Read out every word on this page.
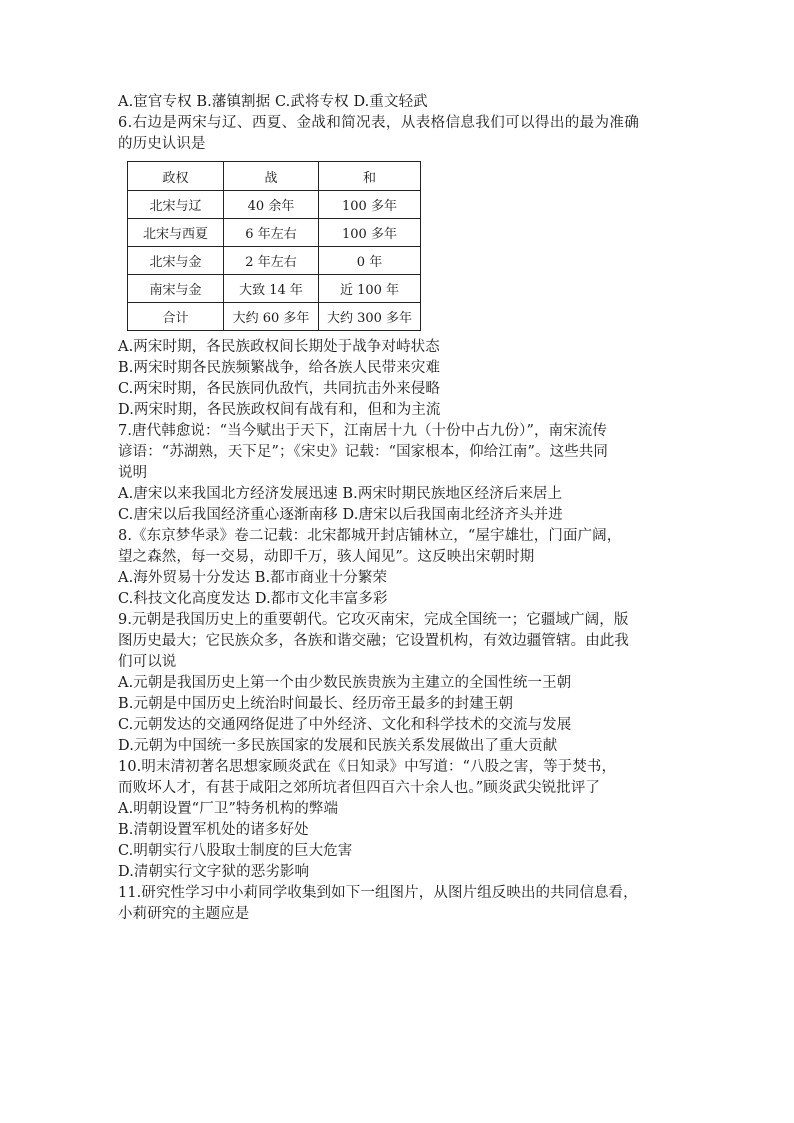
A.宦官专权 B.藩镇割据 C.武将专权 D.重文轻武
6.右边是两宋与辽、西夏、金战和简况表，从表格信息我们可以得出的最为准确
的历史认识是
政权	战	和
北宋与辽	40 余年	100 多年
北宋与西夏	6 年左右	100 多年
北宋与金	2 年左右	0 年
南宋与金	大致 14 年	近 100 年
合计	大约 60 多年	大约 300 多年
A.两宋时期，各民族政权间长期处于战争对峙状态
B.两宋时期各民族频繁战争，给各族人民带来灾难
C.两宋时期，各民族同仇敌忾，共同抗击外来侵略
D.两宋时期，各民族政权间有战有和，但和为主流
7.唐代韩愈说：“当今赋出于天下，江南居十九（十份中占九份）”，南宋流传
谚语：“苏湖熟，天下足”；《宋史》记载：“国家根本，仰给江南”。这些共同
说明
A.唐宋以来我国北方经济发展迅速 B.两宋时期民族地区经济后来居上
C.唐宋以后我国经济重心逐渐南移 D.唐宋以后我国南北经济齐头并进
8.《东京梦华录》卷二记载：北宋都城开封店铺林立，“屋宇雄壮，门面广阔，
望之森然，每一交易，动即千万，骇人闻见”。这反映出宋朝时期
A.海外贸易十分发达 B.都市商业十分繁荣
C.科技文化高度发达 D.都市文化丰富多彩
9.元朝是我国历史上的重要朝代。它攻灭南宋，完成全国统一；它疆域广阔，版
图历史最大；它民族众多，各族和谐交融；它设置机构，有效边疆管辖。由此我
们可以说
A.元朝是我国历史上第一个由少数民族贵族为主建立的全国性统一王朝
B.元朝是中国历史上统治时间最长、经历帝王最多的封建王朝
C.元朝发达的交通网络促进了中外经济、文化和科学技术的交流与发展
D.元朝为中国统一多民族国家的发展和民族关系发展做出了重大贡献
10.明末清初著名思想家顾炎武在《日知录》中写道：“八股之害，等于焚书，
而败坏人才，有甚于咸阳之郊所坑者但四百六十余人也。”顾炎武尖锐批评了
A.明朝设置“厂卫”特务机构的弊端
B.清朝设置军机处的诸多好处
C.明朝实行八股取士制度的巨大危害
D.清朝实行文字狱的恶劣影响
11.研究性学习中小莉同学收集到如下一组图片，从图片组反映出的共同信息看，
小莉研究的主题应是
